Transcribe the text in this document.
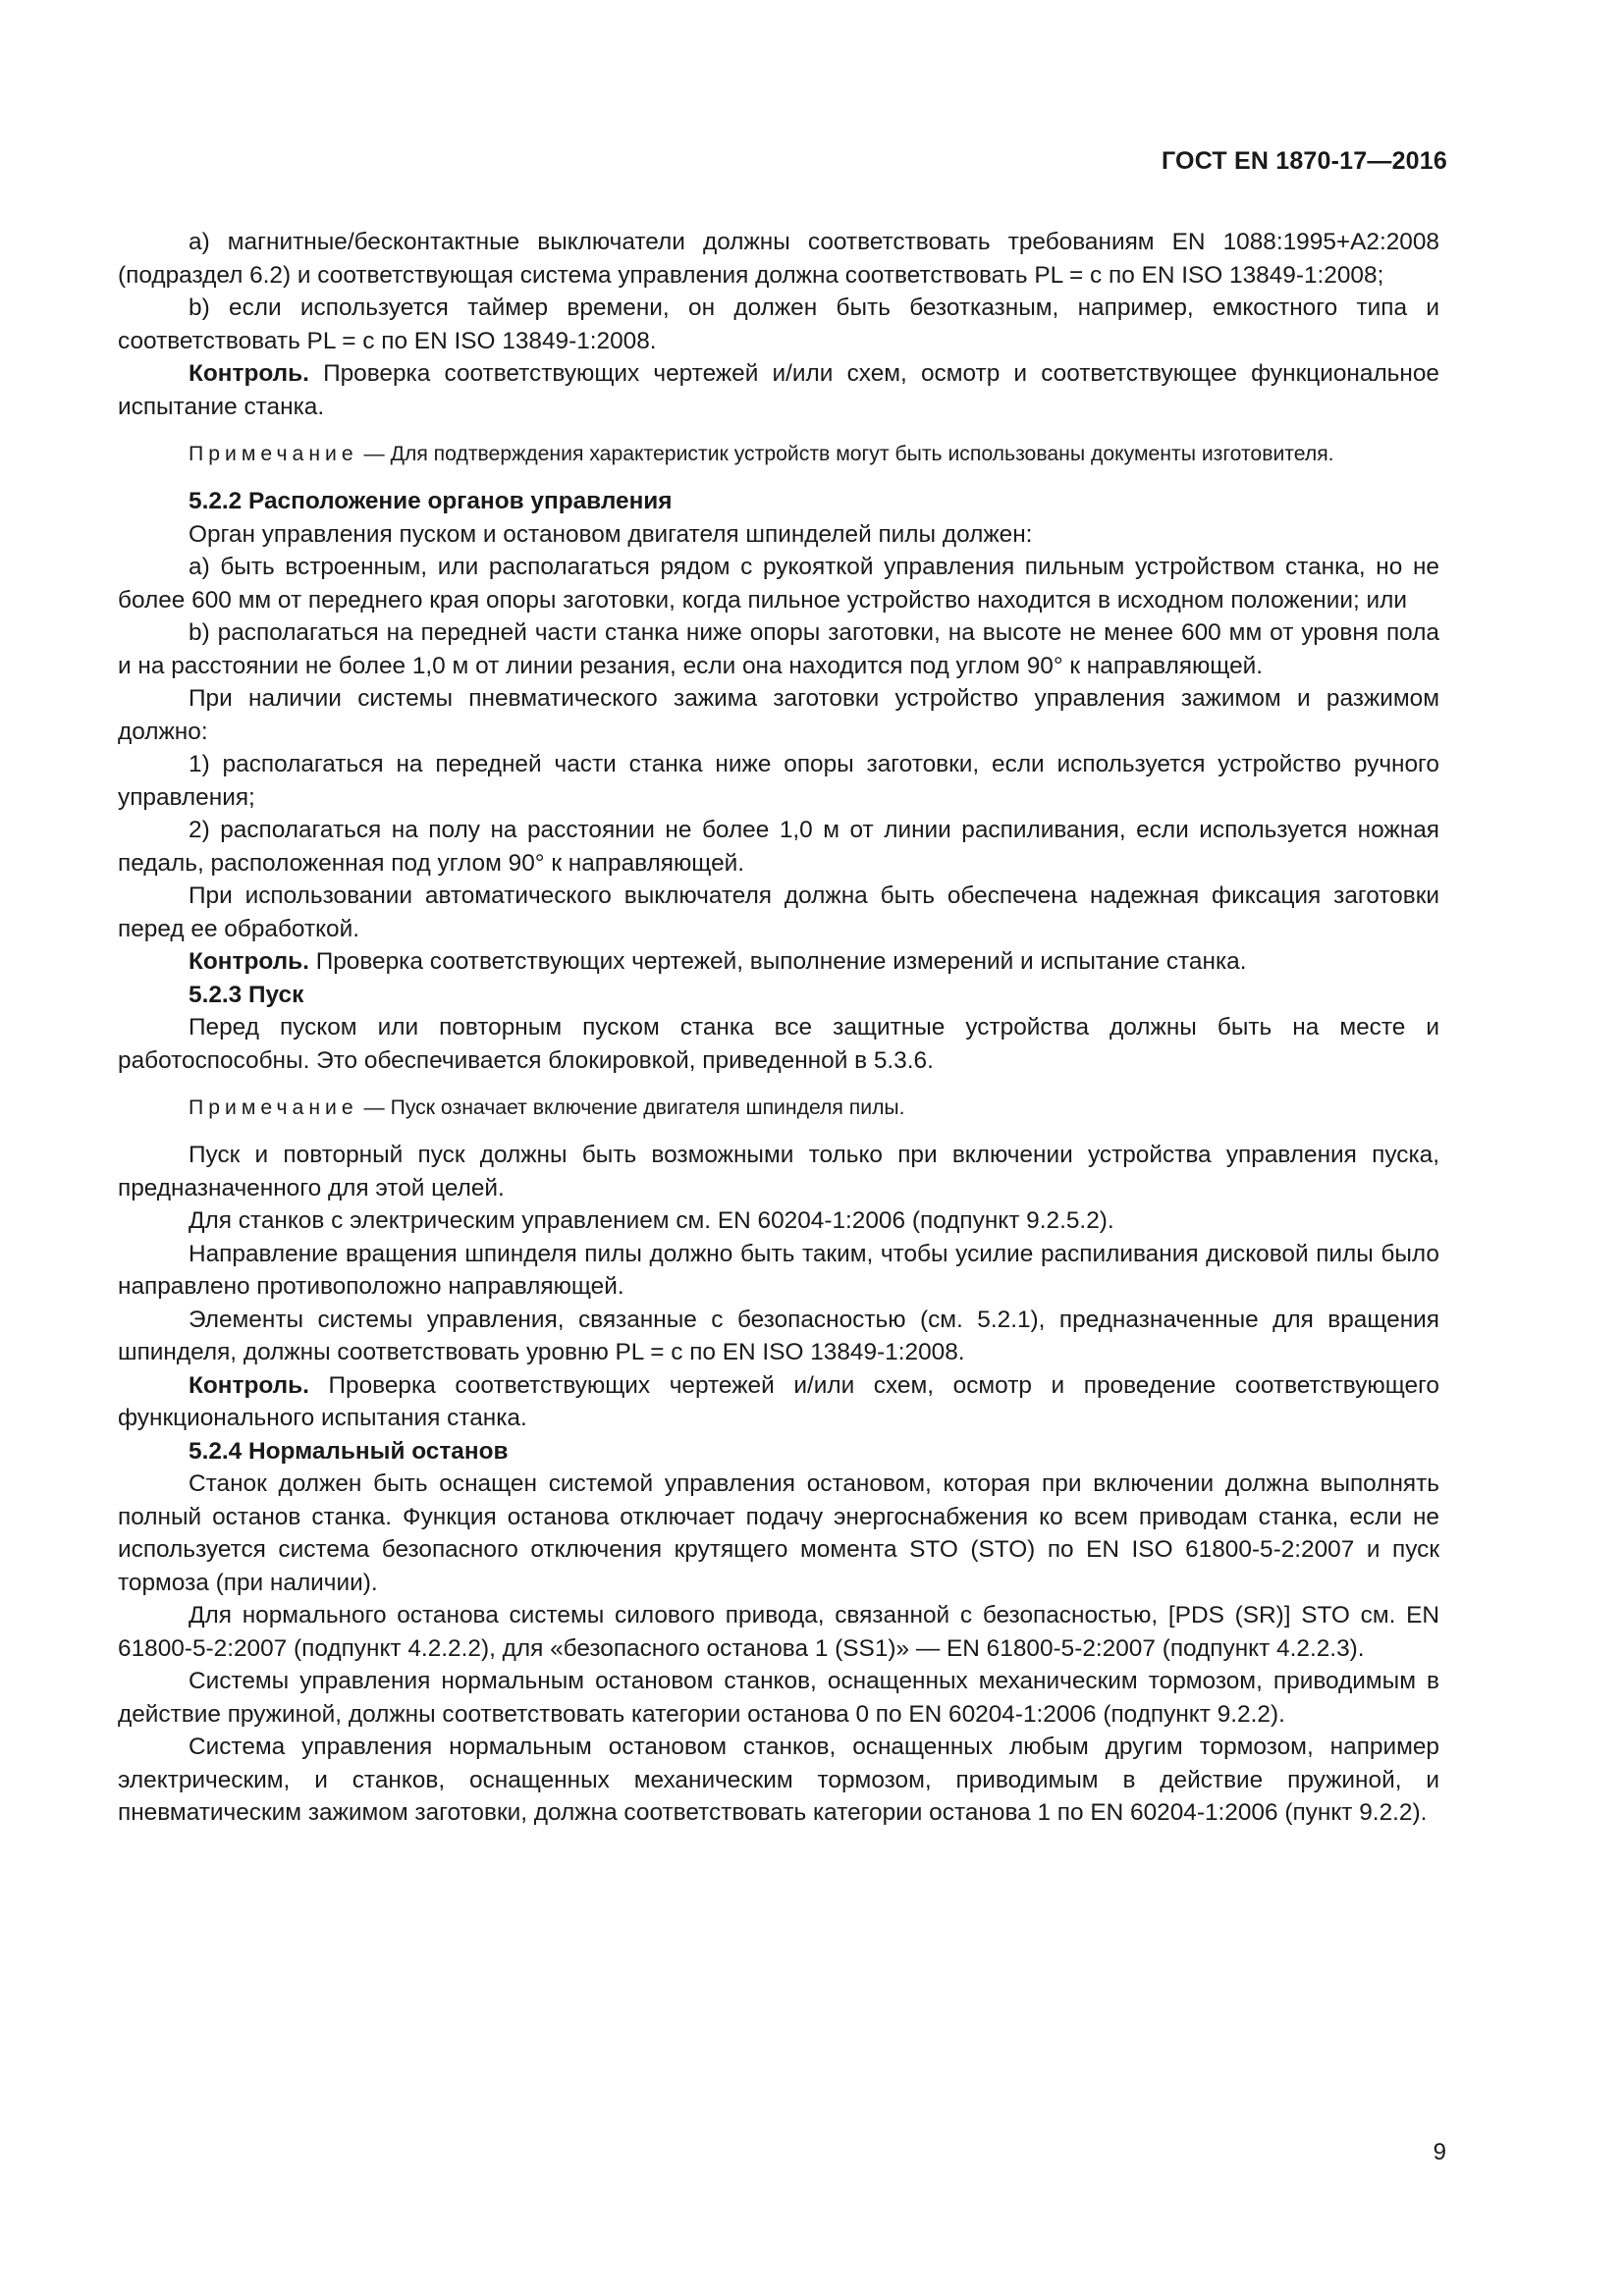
ГОСТ EN 1870-17—2016

а) магнитные/бесконтактные выключатели должны соответствовать требованиям EN 1088:1995+A2:2008 (подраздел 6.2) и соответствующая система управления должна соответствовать PL = c по EN ISO 13849-1:2008;

b) если используется таймер времени, он должен быть безотказным, например, емкостного типа и соответствовать PL = c по EN ISO 13849-1:2008.

Контроль. Проверка соответствующих чертежей и/или схем, осмотр и соответствующее функциональное испытание станка.

Примечание — Для подтверждения характеристик устройств могут быть использованы документы изготовителя.

5.2.2 Расположение органов управления

Орган управления пуском и остановом двигателя шпинделей пилы должен:

a) быть встроенным, или располагаться рядом с рукояткой управления пильным устройством станка, но не более 600 мм от переднего края опоры заготовки, когда пильное устройство находится в исходном положении; или

b) располагаться на передней части станка ниже опоры заготовки, на высоте не менее 600 мм от уровня пола и на расстоянии не более 1,0 м от линии резания, если она находится под углом 90° к направляющей.

При наличии системы пневматического зажима заготовки устройство управления зажимом и разжимом должно:

1) располагаться на передней части станка ниже опоры заготовки, если используется устройство ручного управления;

2) располагаться на полу на расстоянии не более 1,0 м от линии распиливания, если используется ножная педаль, расположенная под углом 90° к направляющей.

При использовании автоматического выключателя должна быть обеспечена надежная фиксация заготовки перед ее обработкой.

Контроль. Проверка соответствующих чертежей, выполнение измерений и испытание станка.

5.2.3 Пуск

Перед пуском или повторным пуском станка все защитные устройства должны быть на месте и работоспособны. Это обеспечивается блокировкой, приведенной в 5.3.6.

Примечание — Пуск означает включение двигателя шпинделя пилы.

Пуск и повторный пуск должны быть возможными только при включении устройства управления пуска, предназначенного для этой целей.

Для станков с электрическим управлением см. EN 60204-1:2006 (подпункт 9.2.5.2).

Направление вращения шпинделя пилы должно быть таким, чтобы усилие распиливания дисковой пилы было направлено противоположно направляющей.

Элементы системы управления, связанные с безопасностью (см. 5.2.1), предназначенные для вращения шпинделя, должны соответствовать уровню PL = c по EN ISO 13849-1:2008.

Контроль. Проверка соответствующих чертежей и/или схем, осмотр и проведение соответствующего функционального испытания станка.

5.2.4 Нормальный останов

Станок должен быть оснащен системой управления остановом, которая при включении должна выполнять полный останов станка. Функция останова отключает подачу энергоснабжения ко всем приводам станка, если не используется система безопасного отключения крутящего момента STO (STO) по EN ISO 61800-5-2:2007 и пуск тормоза (при наличии).

Для нормального останова системы силового привода, связанной с безопасностью, [PDS (SR)] STO см. EN 61800-5-2:2007 (подпункт 4.2.2.2), для «безопасного останова 1 (SS1)» — EN 61800-5-2:2007 (подпункт 4.2.2.3).

Системы управления нормальным остановом станков, оснащенных механическим тормозом, приводимым в действие пружиной, должны соответствовать категории останова 0 по EN 60204-1:2006 (подпункт 9.2.2).

Система управления нормальным остановом станков, оснащенных любым другим тормозом, например электрическим, и станков, оснащенных механическим тормозом, приводимым в действие пружиной, и пневматическим зажимом заготовки, должна соответствовать категории останова 1 по EN 60204-1:2006 (пункт 9.2.2).

9
